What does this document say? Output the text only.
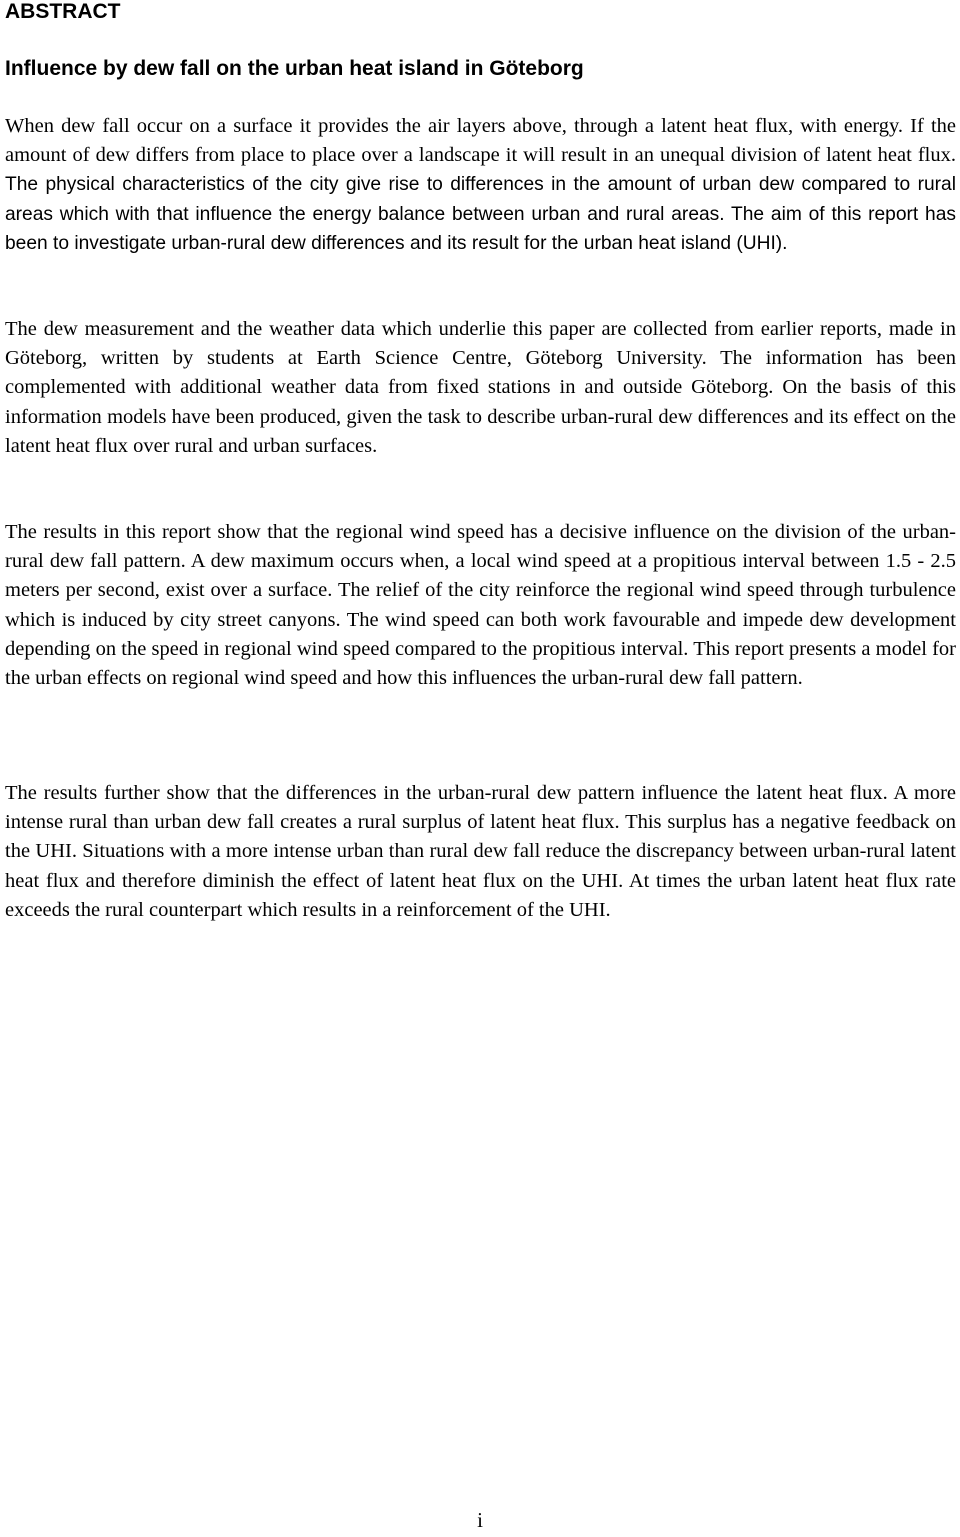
ABSTRACT
Influence by dew fall on the urban heat island in Göteborg

When dew fall occur on a surface it provides the air layers above, through a latent heat flux, with energy. If the amount of dew differs from place to place over a landscape it will result in an unequal division of latent heat flux. The physical characteristics of the city give rise to differences in the amount of urban dew compared to rural areas which with that influence the energy balance between urban and rural areas. The aim of this report has been to investigate urban-rural dew differences and its result for the urban heat island (UHI).

The dew measurement and the weather data which underlie this paper are collected from earlier reports, made in Göteborg, written by students at Earth Science Centre, Göteborg University. The information has been complemented with additional weather data from fixed stations in and outside Göteborg. On the basis of this information models have been produced, given the task to describe urban-rural dew differences and its effect on the latent heat flux over rural and urban surfaces.

The results in this report show that the regional wind speed has a decisive influence on the division of the urban-rural dew fall pattern. A dew maximum occurs when, a local wind speed at a propitious interval between 1.5 - 2.5 meters per second, exist over a surface. The relief of the city reinforce the regional wind speed through turbulence which is induced by city street canyons. The wind speed can both work favourable and impede dew development depending on the speed in regional wind speed compared to the propitious interval. This report presents a model for the urban effects on regional wind speed and how this influences the urban-rural dew fall pattern.

The results further show that the differences in the urban-rural dew pattern influence the latent heat flux. A more intense rural than urban dew fall creates a rural surplus of latent heat flux. This surplus has a negative feedback on the UHI. Situations with a more intense urban than rural dew fall reduce the discrepancy between urban-rural latent heat flux and therefore diminish the effect of latent heat flux on the UHI. At times the urban latent heat flux rate exceeds the rural counterpart which results in a reinforcement of the UHI.

i
